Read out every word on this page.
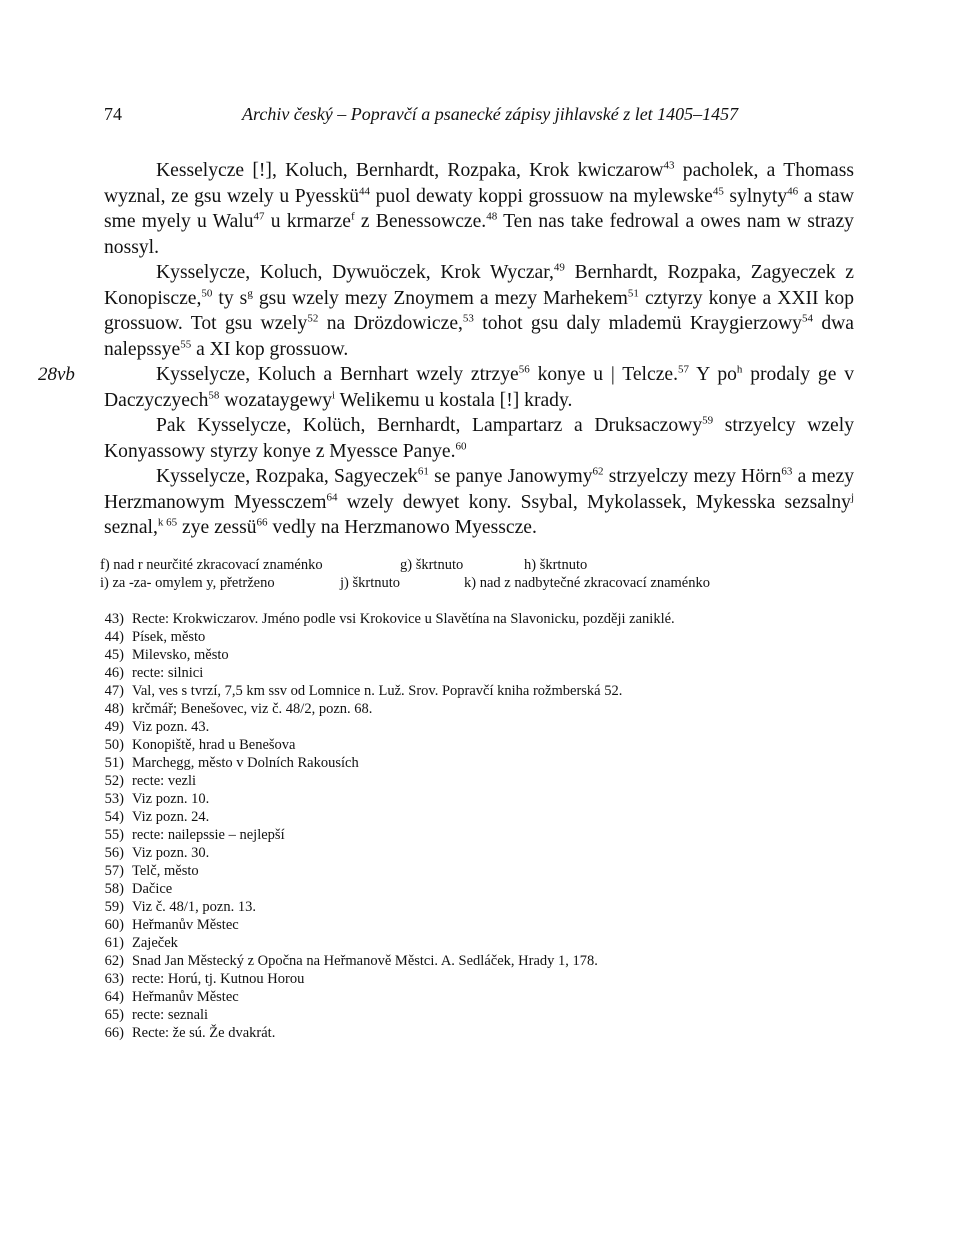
74	Archiv český – Popravčí a psanecké zápisy jihlavské z let 1405–1457
28vb

Kesselycze [!], Koluch, Bernhardt, Rozpaka, Krok kwiczarow$^{43}$ pacholek, a Thomass wyznal, ze gsu wzely u Pyesskü$^{44}$ puol dewaty koppi grossuow na mylewske$^{45}$ sylnyty$^{46}$ a staw sme myely u Walu$^{47}$ u krmarze$^f$ z Benessowcze.$^{48}$ Ten nas take fedrowal a owes nam w strazy nossyl.

Kysselycze, Koluch, Dywuöczek, Krok Wyczar,$^{49}$ Bernhardt, Rozpaka, Zagyeczek z Konopiscze,$^{50}$ ty $s^g$ gsu wzely mezy Znoymem a mezy Marhekem$^{51}$ cztyrzy konye a XXII kop grossuow. Tot gsu wzely$^{52}$ na Drözdowicze,$^{53}$ tohot gsu daly mlademü Kraygierzowy$^{54}$ dwa nalepssye$^{55}$ a XI kop grossuow.

Kysselycze, Koluch a Bernhart wzely ztrzye$^{56}$ konye u | Telcze.$^{57}$ Y $po^h$ prodaly ge v Daczyczyech$^{58}$ wozataygewy$^i$ Welikemu u kostala [!] krady.

Pak Kysselycze, Kolüch, Bernhardt, Lampartarz a Druksaczowy$^{59}$ strzyelcy wzely Konyassowy styrzy konye z Myessce Panye.$^{60}$

Kysselycze, Rozpaka, Sagyeczek$^{61}$ se panye Janowymy$^{62}$ strzyelczy mezy Hörn$^{63}$ a mezy Herzmanowym Myessczem$^{64}$ wzely dewyet kony. Ssybal, Mykolassek, Mykesska sezsalny$^j$ seznal,$^{k 65}$ zye zessü$^{66}$ vedly na Herzmanowo Myessсze.

f) nad r neurčité zkracovací znaménko	g) škrtnuto	h) škrtnuto
i) za -za- omylem y, přetrženo	j) škrtnuto	k) nad z nadbytečné zkracovací znaménko
43) Recte: Krokwiczarov. Jméno podle vsi Krokovice u Slavětína na Slavonicku, později zaniklé.
44) Písek, město
45) Milevsko, město
46) recte: silnici
47) Val, ves s tvrzí, 7,5 km ssv od Lomnice n. Luž. Srov. Popravčí kniha rožmberská 52.
48) krčmář; Benešovec, viz č. 48/2, pozn. 68.
49) Viz pozn. 43.
50) Konopiště, hrad u Benešova
51) Marchegg, město v Dolních Rakousích
52) recte: vezli
53) Viz pozn. 10.
54) Viz pozn. 24.
55) recte: nailepssie – nejlepší
56) Viz pozn. 30.
57) Telč, město
58) Dačice
59) Viz č. 48/1, pozn. 13.
60) Heřmanův Městec
61) Zaječek
62) Snad Jan Městecký z Opočna na Heřmanově Městci. A. Sedláček, Hrady 1, 178.
63) recte: Horú, tj. Kutnou Horou
64) Heřmanův Městec
65) recte: seznali
66) Recte: že sú. Že dvakrát.
